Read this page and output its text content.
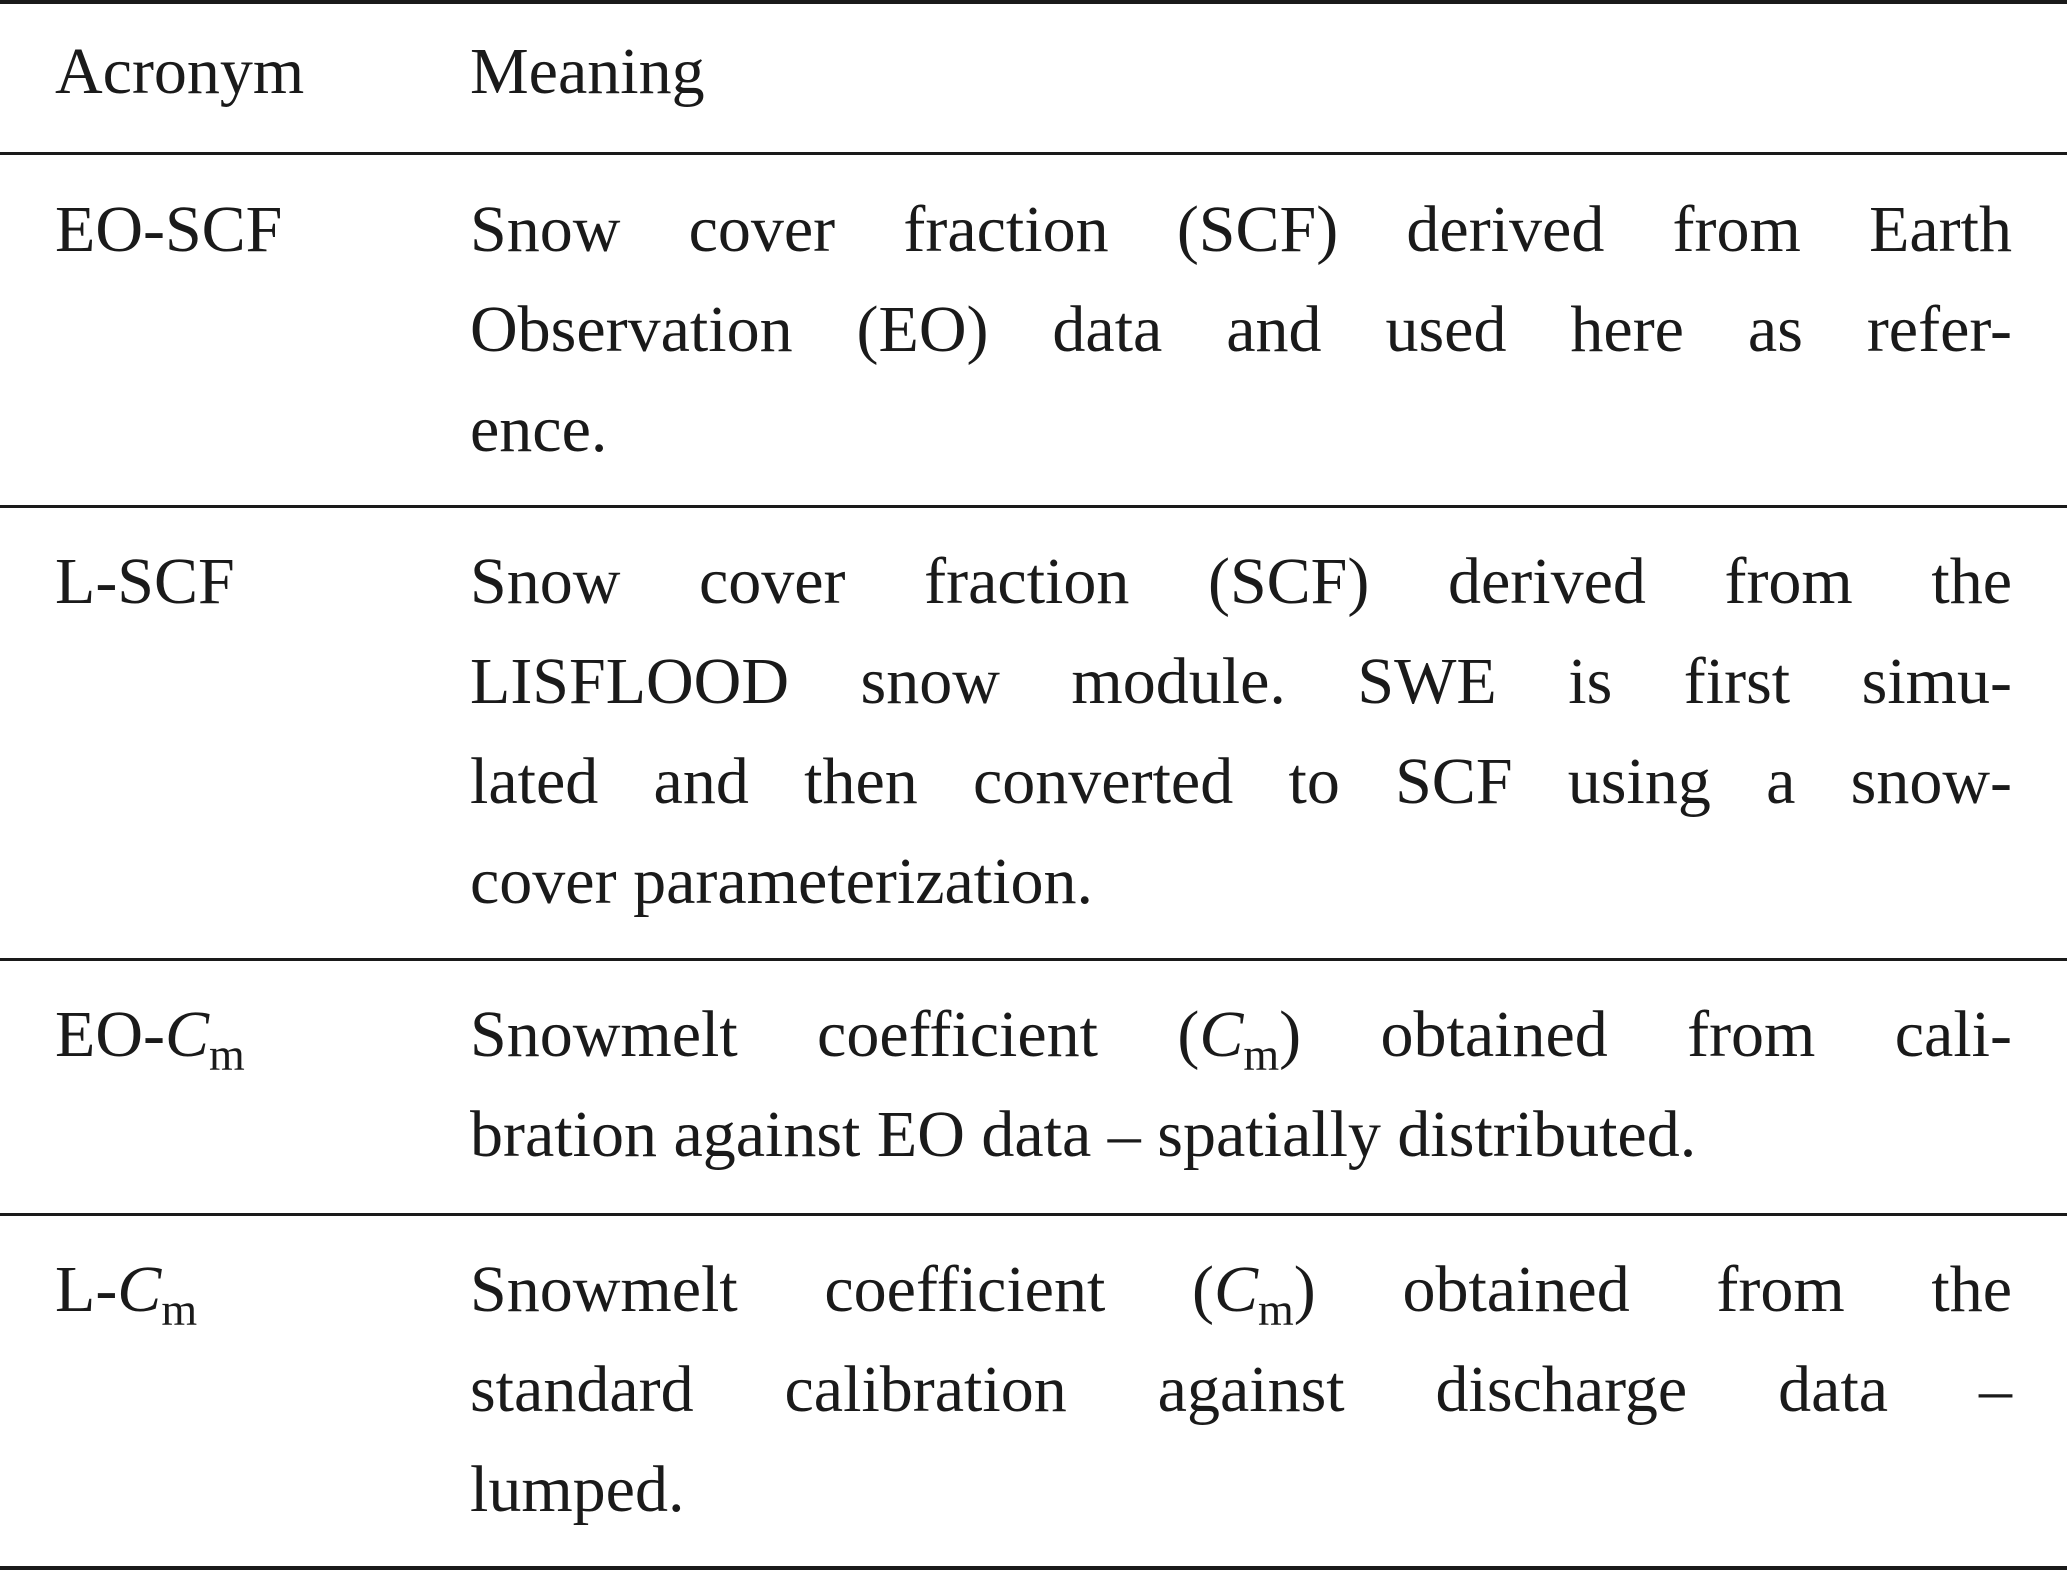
Acronym	Meaning
EO-SCF	Snow cover fraction (SCF) derived from Earth
Observation (EO) data and used here as refer-
ence.
L-SCF	Snow cover fraction (SCF) derived from the
LISFLOOD snow module. SWE is first simu-
lated and then converted to SCF using a snow-
cover parameterization.
$EO-C_m$	Snowmelt coefficient $(C_m)$ obtained from cali-
bration against EO data – spatially distributed.
$L-C_m$	Snowmelt coefficient $(C_m)$ obtained from the
standard calibration against discharge data –
lumped.
